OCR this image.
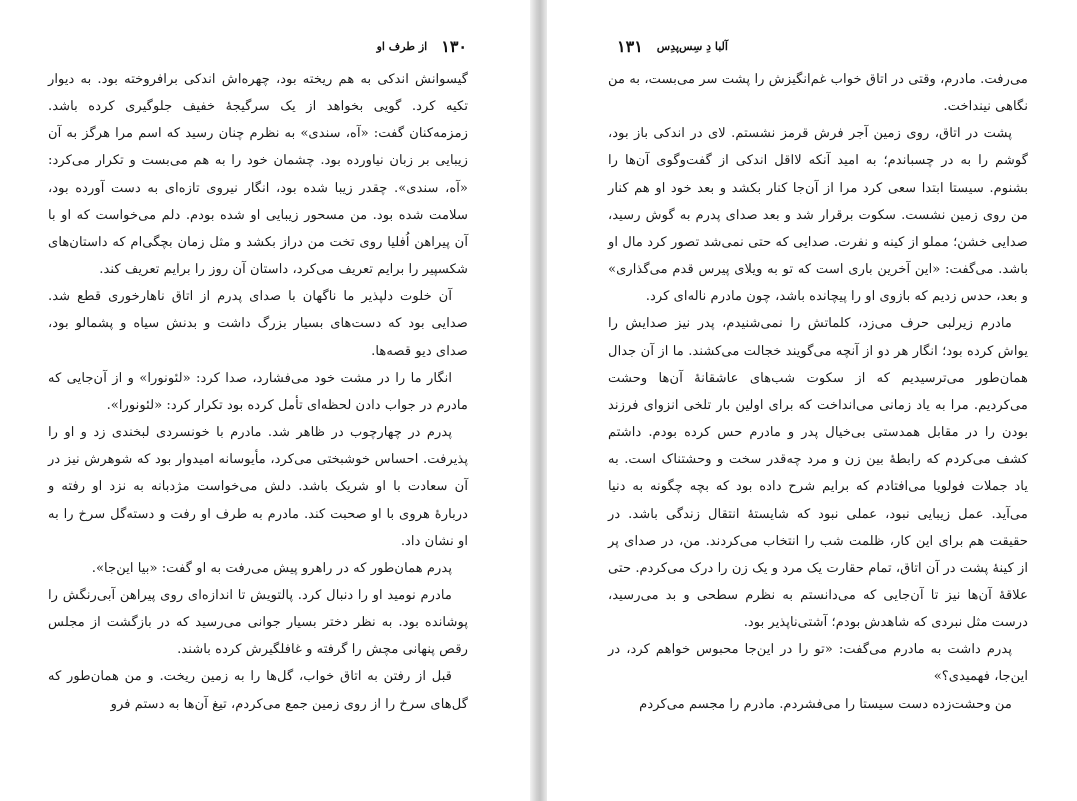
۱۳۰
از طرف او

گیسوانش اندکی به هم ریخته بود، چهره‌اش اندکی برافروخته بود. به دیوار تکیه کرد. گویی بخواهد از یک سرگیجهٔ خفیف جلوگیری کرده باشد. زمزمه‌کنان گفت: «آه، سندی» به نظرم چنان رسید که اسم مرا هرگز به آن زیبایی بر زبان نیاورده بود. چشمان خود را به هم می‌بست و تکرار می‌کرد: «آه، سندی». چقدر زیبا شده بود، انگار نیروی تازه‌ای به دست آورده بود، سلامت شده بود. من مسحور زیبایی او شده بودم. دلم می‌خواست که او با آن پیراهن اُفلیا روی تخت من دراز بکشد و مثل زمان بچگی‌ام که داستان‌های شکسپیر را برایم تعریف می‌کرد، داستان آن روز را برایم تعریف کند.

آن خلوت دلپذیر ما ناگهان با صدای پدرم از اتاق ناهارخوری قطع شد. صدایی بود که دست‌های بسیار بزرگ داشت و بدنش سیاه و پشمالو بود، صدای دیو قصه‌ها.

انگار ما را در مشت خود می‌فشارد، صدا کرد: «لئونورا» و از آن‌جایی که مادرم در جواب دادن لحظه‌ای تأمل کرده بود تکرار کرد: «لئونورا».

پدرم در چهارچوب در ظاهر شد. مادرم با خونسردی لبخندی زد و او را پذیرفت. احساس خوشبختی می‌کرد، مأیوسانه امیدوار بود که شوهرش نیز در آن سعادت با او شریک باشد. دلش می‌خواست مژدبانه به نزد او رفته و دربارهٔ هروی با او صحبت کند. مادرم به طرف او رفت و دسته‌گل سرخ را به او نشان داد.

پدرم همان‌طور که در راهرو پیش می‌رفت به او گفت: «بیا این‌جا».

مادرم نومید او را دنبال کرد. پالتویش تا اندازه‌ای روی پیراهن آبی‌رنگش را پوشانده بود. به نظر دختر بسیار جوانی می‌رسید که در بازگشت از مجلس رقص پنهانی مچش را گرفته و غافلگیرش کرده باشند.

قبل از رفتن به اتاق خواب، گل‌ها را به زمین ریخت. و من همان‌طور که گل‌های سرخ را از روی زمین جمع می‌کردم، تیغ آن‌ها به دستم فرو

آلبا دِ سِس‌پدِس
۱۳۱

می‌رفت. مادرم، وقتی در اتاق خواب غم‌انگیزش را پشت سر می‌بست، به من نگاهی نینداخت.

پشت در اتاق، روی زمین آجر فرش قرمز نشستم. لای در اندکی باز بود، گوشم را به در چسباندم؛ به امید آنکه لااقل اندکی از گفت‌وگوی آن‌ها را بشنوم. سیستا ابتدا سعی کرد مرا از آن‌جا کنار بکشد و بعد خود او هم کنار من روی زمین نشست. سکوت برقرار شد و بعد صدای پدرم به گوش رسید، صدایی خشن؛ مملو از کینه و نفرت. صدایی که حتی نمی‌شد تصور کرد مال او باشد. می‌گفت: «این آخرین باری است که تو به ویلای پیرس قدم می‌گذاری» و بعد، حدس زدیم که بازوی او را پیچانده باشد، چون مادرم ناله‌ای کرد.

مادرم زیرلبی حرف می‌زد، کلماتش را نمی‌شنیدم، پدر نیز صدایش را یواش کرده بود؛ انگار هر دو از آنچه می‌گویند خجالت می‌کشند. ما از آن جدال همان‌طور می‌ترسیدیم که از سکوت شب‌های عاشقانهٔ آن‌ها وحشت می‌کردیم. مرا به یاد زمانی می‌انداخت که برای اولین بار تلخی انزوای فرزند بودن را در مقابل همدستی بی‌خیال پدر و مادرم حس کرده بودم. داشتم کشف می‌کردم که رابطهٔ بین زن و مرد چه‌قدر سخت و وحشتناک است. به یاد جملات فولویا می‌افتادم که برایم شرح داده بود که بچه چگونه به دنیا می‌آید. عمل زیبایی نبود، عملی نبود که شایستهٔ انتقال زندگی باشد. در حقیقت هم برای این کار، ظلمت شب را انتخاب می‌کردند. من، در صدای پر از کینهٔ پشت در آن اتاق، تمام حقارت یک مرد و یک زن را درک می‌کردم. حتی علاقهٔ آن‌ها نیز تا آن‌جایی که می‌دانستم به نظرم سطحی و بد می‌رسید، درست مثل نبردی که شاهدش بودم؛ آشتی‌ناپذیر بود.

پدرم داشت به مادرم می‌گفت: «تو را در این‌جا محبوس خواهم کرد، در این‌جا، فهمیدی؟»

من وحشت‌زده دست سیستا را می‌فشردم. مادرم را مجسم می‌کردم
